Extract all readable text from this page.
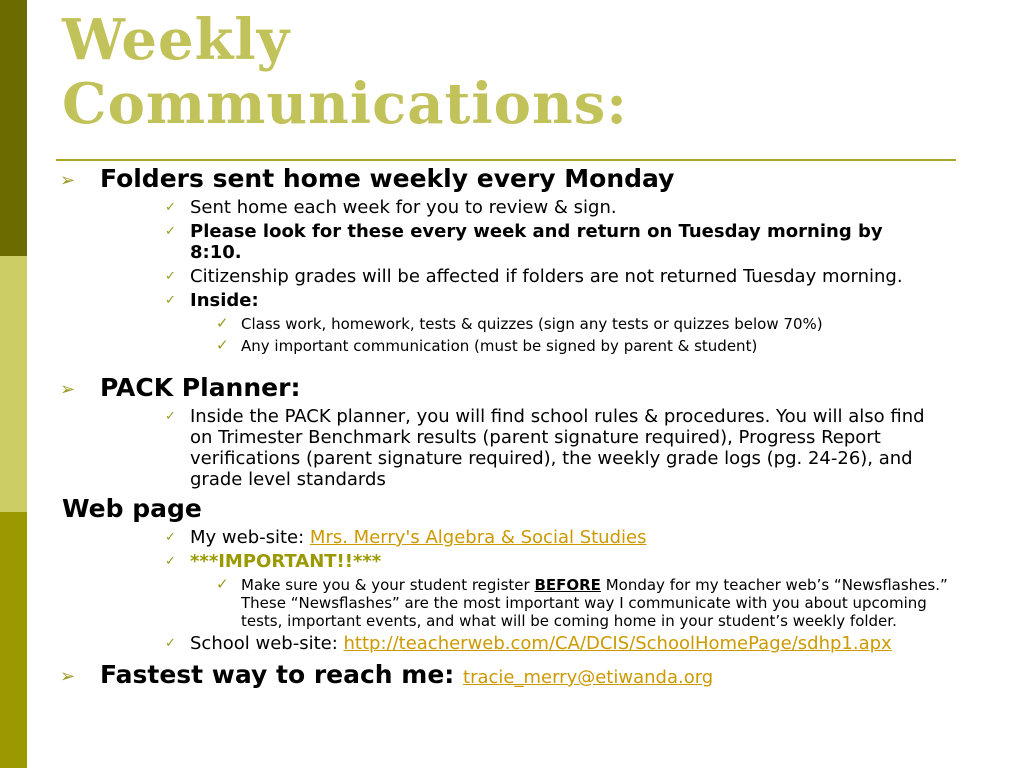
Weekly
Communications:
➢ Folders sent home weekly every Monday
✓ Sent home each week for you to review & sign.
✓ Please look for these every week and return on Tuesday morning by 8:10.
✓ Citizenship grades will be affected if folders are not returned Tuesday morning.
✓ Inside:
✓ Class work, homework, tests & quizzes (sign any tests or quizzes below 70%)
✓ Any important communication (must be signed by parent & student)
➢ PACK Planner:
✓ Inside the PACK planner, you will find school rules & procedures. You will also find on Trimester Benchmark results (parent signature required), Progress Report verifications (parent signature required), the weekly grade logs (pg. 24-26), and grade level standards
Web page
✓ My web-site: Mrs. Merry's Algebra & Social Studies
✓ ***IMPORTANT!!***
✓ Make sure you & your student register BEFORE Monday for my teacher web’s “Newsflashes.” These “Newsflashes” are the most important way I communicate with you about upcoming tests, important events, and what will be coming home in your student’s weekly folder.
✓ School web-site: http://teacherweb.com/CA/DCIS/SchoolHomePage/sdhp1.apx
➢ Fastest way to reach me: tracie_merry@etiwanda.org
